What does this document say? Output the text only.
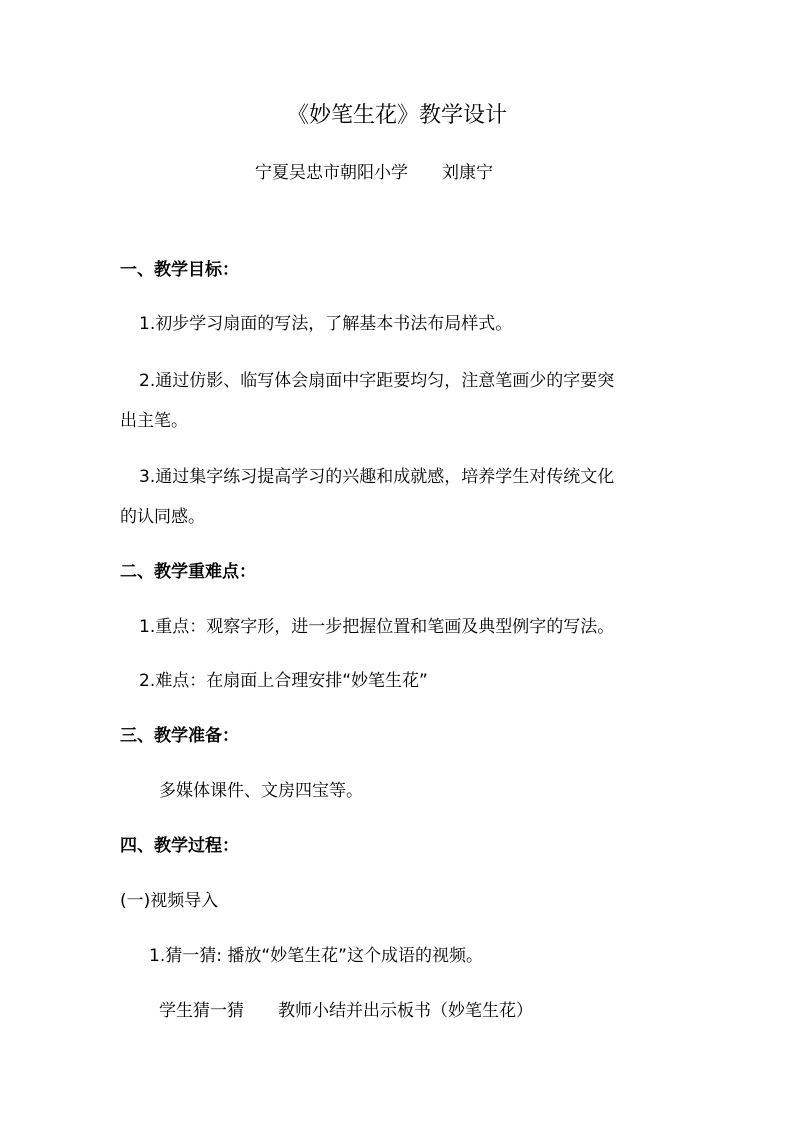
《妙笔生花》教学设计
宁夏吴忠市朝阳小学　　刘康宁
一、教学目标：
1.初步学习扇面的写法，了解基本书法布局样式。
2.通过仿影、临写体会扇面中字距要均匀，注意笔画少的字要突
出主笔。
3.通过集字练习提高学习的兴趣和成就感，培养学生对传统文化
的认同感。
二、教学重难点：
1.重点：观察字形，进一步把握位置和笔画及典型例字的写法。
2.难点：在扇面上合理安排“妙笔生花”
三、教学准备：
多媒体课件、文房四宝等。
四、教学过程：
(一)视频导入
1.猜一猜: 播放“妙笔生花”这个成语的视频。
学生猜一猜　　教师小结并出示板书（妙笔生花）
